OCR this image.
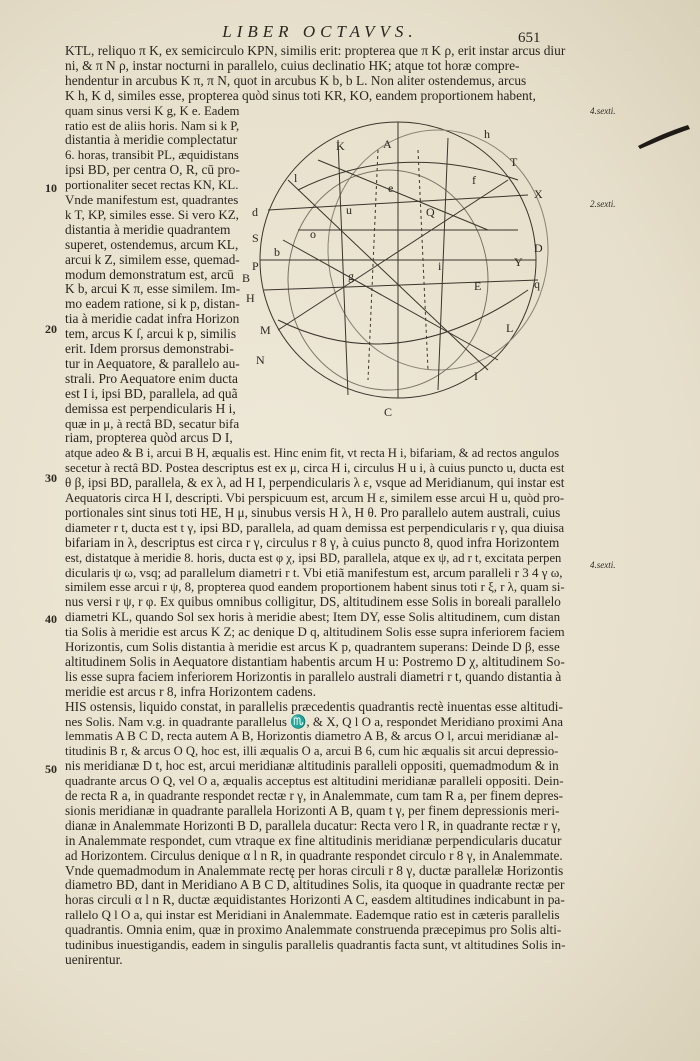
LIBER OCTAVVS.	651
10
20
30
40
50
4.sexti.
2.sexti.
4.sexti.
KTL, reliquo π K, ex semicirculo KPN, similis erit: propterea que π K ρ, erit instar arcus diur
ni, & π N ρ, instar nocturni in parallelo, cuius declinatio HK; atque tot horæ compre-
hendentur in arcubus K π, π N, quot in arcubus K b, b L. Non aliter ostendemus, arcus
K h, K d, similes esse, propterea quòd sinus toti KR, KO, eandem proportionem habent,
quam sinus versi K g, K e. Eadem
ratio est de aliis horis. Nam si k P,
distantia à meridie complectatur
6. horas, transibit PL, æquidistans
ipsi BD, per centra O, R, cū pro-
portionaliter secet rectas KN, KL.
Vnde manifestum est, quadrantes
k T, KP, similes esse. Si vero KZ,
distantia à meridie quadrantem
superet, ostendemus, arcum KL,
arcui k Z, similem esse, quemad-
modum demonstratum est, arcū
K b, arcui K π, esse similem. Im-
mo eadem ratione, si k p, distan-
tia à meridie cadat infra Horizon
tem, arcus K ſ, arcui k p, similis
erit. Idem prorsus demonstrabi-
tur in Aequatore, & parallelo au-
strali. Pro Aequatore enim ducta
est I i, ipsi BD, parallela, ad quã
demissa est perpendicularis H i,
quæ in μ, à rectâ BD, secatur bifa
riam, propterea quòd arcus D I,
atque adeo & B i, arcui B H, æqualis est. Hinc enim fit, vt recta H i, bifariam, & ad rectos angulos
secetur à rectâ BD. Postea descriptus est ex μ, circa H i, circulus H u i, à cuius puncto u, ducta est
θ β, ipsi BD, parallela, & ex λ, ad H I, perpendicularis λ ε, vsque ad Meridianum, qui instar est
Aequatoris circa H I, descripti. Vbi perspicuum est, arcum H ε, similem esse arcui H u, quòd pro-
portionales sint sinus toti HE, H μ, sinubus versis H λ, H θ. Pro parallelo autem australi, cuius
diameter r t, ducta est t γ, ipsi BD, parallela, ad quam demissa est perpendicularis r γ, qua diuisa
bifariam in λ, descriptus est circa r γ, circulus r 8 γ, à cuius puncto 8, quod infra Horizontem
est, distatque à meridie 8. horis, ducta est φ χ, ipsi BD, parallela, atque ex ψ, ad r t, excitata perpen
dicularis ψ ω, vsq; ad parallelum diametri r t. Vbi etiã manifestum est, arcum paralleli r 3 4 γ ω,
similem esse arcui r ψ, 8, propterea quod eandem proportionem habent sinus toti r ξ, r λ, quam si-
nus versi r ψ, r φ. Ex quibus omnibus colligitur, DS, altitudinem esse Solis in boreali parallelo
diametri KL, quando Sol sex horis à meridie abest; Item DY, esse Solis altitudinem, cum distan
tia Solis à meridie est arcus K Z; ac denique D q, altitudinem Solis esse supra inferiorem faciem
Horizontis, cum Solis distantia à meridie est arcus K p, quadrantem superans: Deinde D β, esse
altitudinem Solis in Aequatore distantiam habentis arcum H u: Postremo D χ, altitudinem So-
lis esse supra faciem inferiorem Horizontis in parallelo australi diametri r t, quando distantia à
meridie est arcus r 8, infra Horizontem cadens.
HIS ostensis, liquido constat, in parallelis præcedentis quadrantis rectè inuentas esse altitudi-
nes Solis. Nam v.g. in quadrante parallelus ♏, & X, Q l O a, respondet Meridiano proximi Ana
lemmatis A B C D, recta autem A B, Horizontis diametro A B, & arcus O l, arcui meridianæ al-
titudinis B r, & arcus O Q, hoc est, illi æqualis O a, arcui B 6, cum hic æqualis sit arcui depressio-
nis meridianæ D t, hoc est, arcui meridianæ altitudinis paralleli oppositi, quemadmodum & in
quadrante arcus O Q, vel O a, æqualis acceptus est altitudini meridianæ paralleli oppositi. Dein-
de recta R a, in quadrante respondet rectæ r γ, in Analemmate, cum tam R a, per finem depres-
sionis meridianæ in quadrante parallela Horizonti A B, quam t γ, per finem depressionis meri-
dianæ in Analemmate Horizonti B D, parallela ducatur: Recta vero l R, in quadrante rectæ r γ,
in Analemmate respondet, cum vtraque ex fine altitudinis meridianæ perpendicularis ducatur
ad Horizontem. Circulus denique α l n R, in quadrante respondet circulo r 8 γ, in Analemmate.
Vnde quemadmodum in Analemmate rectę per horas circuli r 8 γ, ductæ parallelæ Horizontis
diametro BD, dant in Meridiano A B C D, altitudines Solis, ita quoque in quadrante rectæ per
horas circuli α l n R, ductæ æquidistantes Horizonti A C, easdem altitudines indicabunt in pa-
rallelo Q l O a, qui instar est Meridiani in Analemmate. Eademque ratio est in cæteris parallelis
quadrantis. Omnia enim, quæ in proximo Analemmate construenda præcepimus pro Solis alti-
tudinibus inuestigandis, eadem in singulis parallelis quadrantis facta sunt, vt altitudines Solis in-
uenirentur.
K	A
h
T
f
X
d	u	Q
S
D
Y
P
b
E
i
g
B	q
H
M	L
N
I
C
l
e
o
